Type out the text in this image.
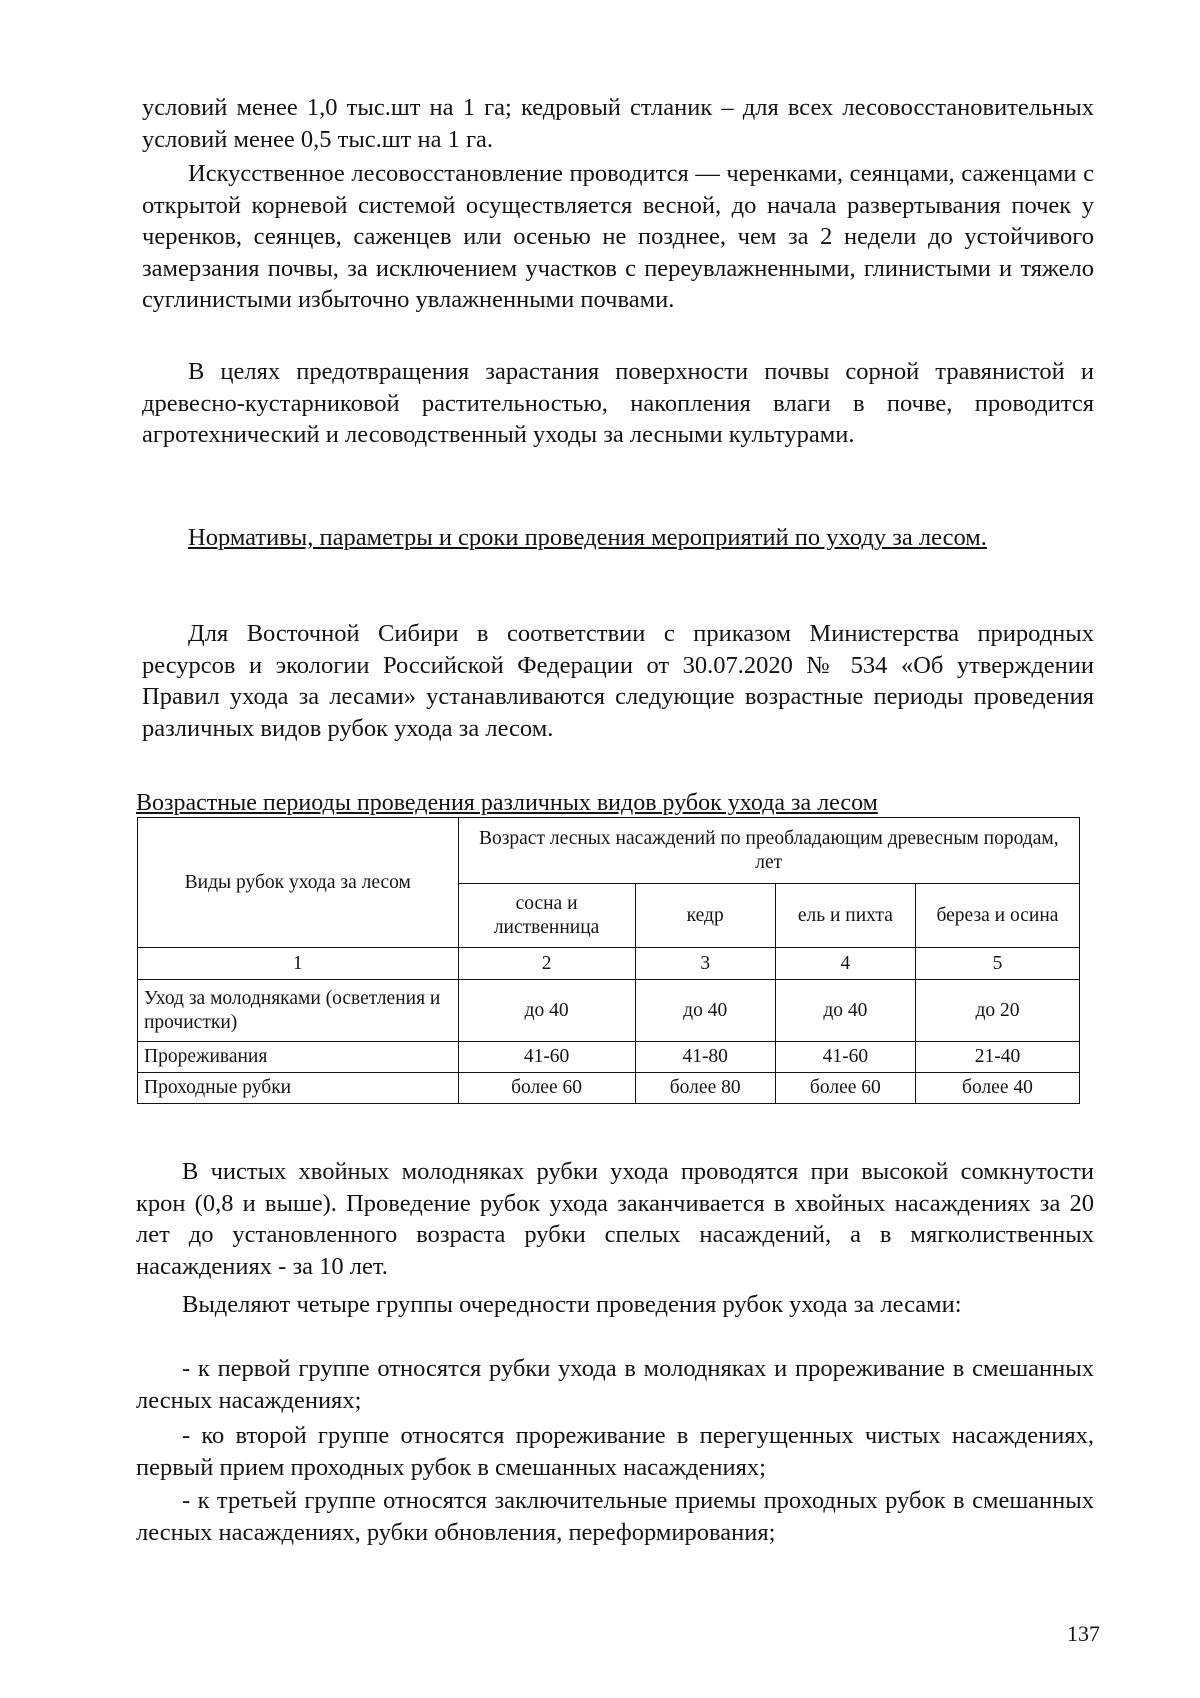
условий менее 1,0 тыс.шт на 1 га; кедровый стланик – для всех лесовосстановительных условий менее 0,5 тыс.шт на 1 га.

Искусственное лесовосстановление проводится — черенками, сеянцами, саженцами с открытой корневой системой осуществляется весной, до начала развертывания почек у черенков, сеянцев, саженцев или осенью не позднее, чем за 2 недели до устойчивого замерзания почвы, за исключением участков с переувлажненными, глинистыми и тяжело суглинистыми избыточно увлажненными почвами.

В целях предотвращения зарастания поверхности почвы сорной травянистой и древесно-кустарниковой растительностью, накопления влаги в почве, проводится агротехнический и лесоводственный уходы за лесными культурами.

Нормативы, параметры и сроки проведения мероприятий по уходу за лесом.

Для Восточной Сибири в соответствии с приказом Министерства природных ресурсов и экологии Российской Федерации от 30.07.2020 № 534 «Об утверждении Правил ухода за лесами» устанавливаются следующие возрастные периоды проведения различных видов рубок ухода за лесом.

Возрастные периоды проведения различных видов рубок ухода за лесом

Виды рубок ухода за лесом	Возраст лесных насаждений по преобладающим древесным породам, лет			
	сосна и лиственница	кедр	ель и пихта	береза и осина
1	2	3	4	5
Уход за молодняками (осветления и прочистки)	до 40	до 40	до 40	до 20
Прореживания	41-60	41-80	41-60	21-40
Проходные рубки	более 60	более 80	более 60	более 40

В чистых хвойных молодняках рубки ухода проводятся при высокой сомкнутости крон (0,8 и выше). Проведение рубок ухода заканчивается в хвойных насаждениях за 20 лет до установленного возраста рубки спелых насаждений, а в мягколиственных насаждениях - за 10 лет.

Выделяют четыре группы очередности проведения рубок ухода за лесами:

- к первой группе относятся рубки ухода в молодняках и прореживание в смешанных лесных насаждениях;

- ко второй группе относятся прореживание в перегущенных чистых насаждениях, первый прием проходных рубок в смешанных насаждениях;

- к третьей группе относятся заключительные приемы проходных рубок в смешанных лесных насаждениях, рубки обновления, переформирования;

137
